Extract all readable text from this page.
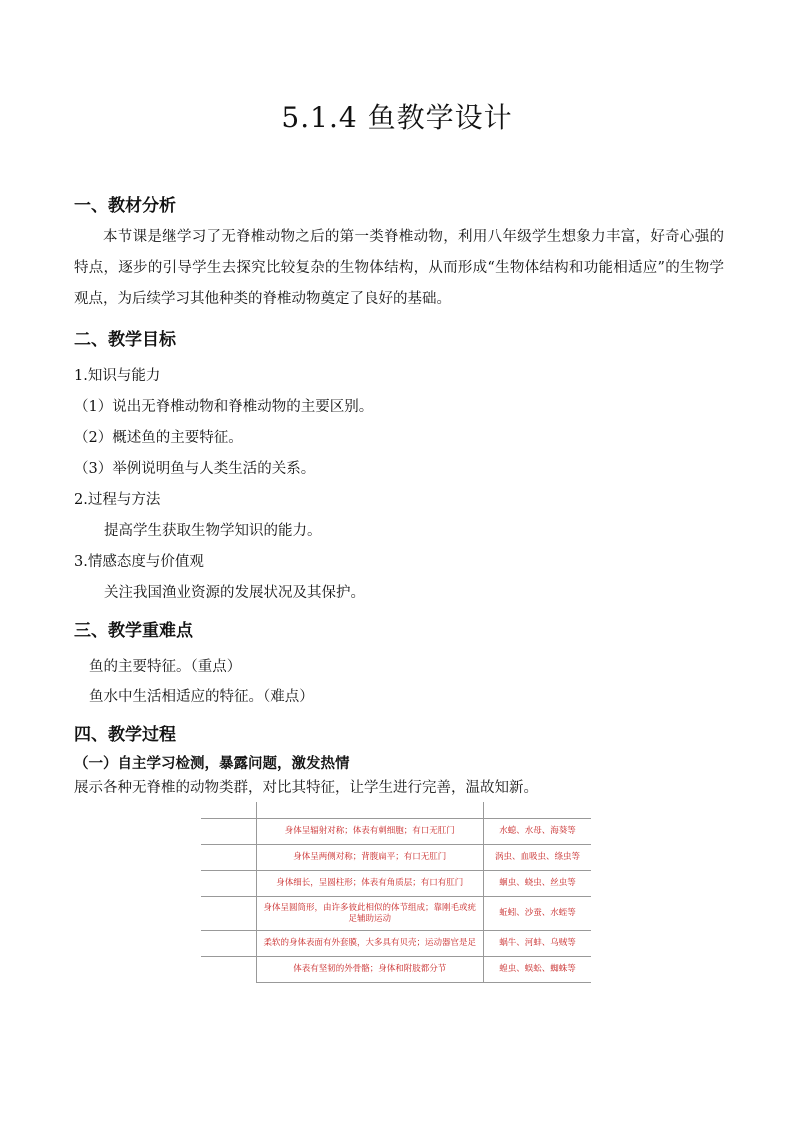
5.1.4 鱼教学设计
一、教材分析
本节课是继学习了无脊椎动物之后的第一类脊椎动物，利用八年级学生想象力丰富，好奇心强的特点，逐步的引导学生去探究比较复杂的生物体结构，从而形成“生物体结构和功能相适应”的生物学观点，为后续学习其他种类的脊椎动物奠定了良好的基础。
二、教学目标
1.知识与能力
（1）说出无脊椎动物和脊椎动物的主要区别。
（2）概述鱼的主要特征。
（3）举例说明鱼与人类生活的关系。
2.过程与方法
提高学生获取生物学知识的能力。
3.情感态度与价值观
关注我国渔业资源的发展状况及其保护。
三、教学重难点
鱼的主要特征。（重点）
鱼水中生活相适应的特征。（难点）
四、教学过程
（一）自主学习检测，暴露问题，激发热情
展示各种无脊椎的动物类群，对比其特征，让学生进行完善，温故知新。

	身体呈辐射对称；体表有刺细胞；有口无肛门	水螅、水母、海葵等
	身体呈两侧对称；背腹扁平；有口无肛门	涡虫、血吸虫、绦虫等
	身体细长，呈圆柱形；体表有角质层；有口有肛门	蛔虫、蛲虫、丝虫等
	身体呈圆筒形，由许多彼此相似的体节组成；靠刚毛或疣足辅助运动	蚯蚓、沙蚕、水蛭等
	柔软的身体表面有外套膜，大多具有贝壳；运动器官是足	蜗牛、河蚌、乌贼等
	体表有坚韧的外骨骼；身体和附肢都分节	蝗虫、蜈蚣、蜘蛛等
